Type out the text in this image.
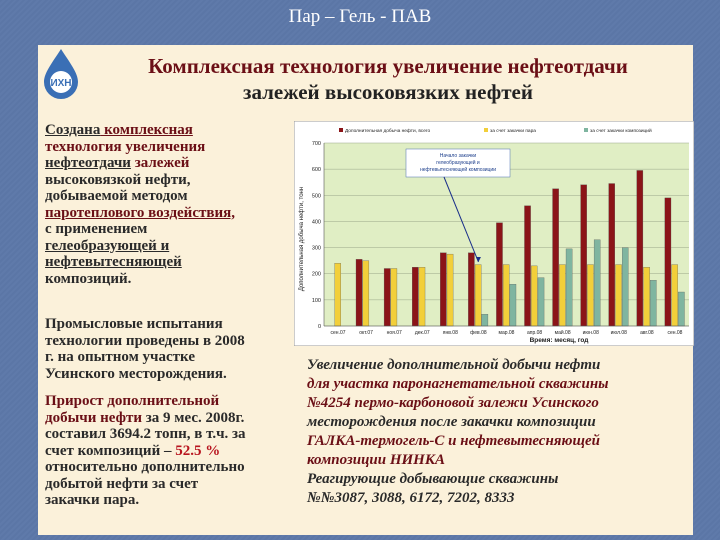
Пар – Гель - ПАВ
ИХН
Комплексная технология увеличение нефтеотдачи
залежей высоковязких нефтей
Создана комплексная
технология увеличения
нефтеотдачи залежей
высоковязкой нефти,
добываемой методом
паротеплового воздействия,
с применением
гелеобразующей и
нефтевытесняющей
композиций.
Промысловые испытания
технологии проведены в 2008
г. на опытном участке
Усинского месторождения.
Прирост дополнительной
добычи нефти за 9 мес. 2008г.
составил 3694.2 топн, в т.ч. за
счет композиций – 52.5 %
относительно дополнительно
добытой нефти за счет
закачки пара.
0
100
200
300
400
500
600
700
сен.07	окт.07	ноя.07	дек.07	янв.08 фев.08 мар.08 апр.08 май.08 июн.08 июл.08	авг.08	сен.08
Дополнительная добыча нефти, всего	за счет закачки пара	за счет закачки композиций
Начало закачки
гелеобразующей и
нефтевытесняющей композиции
Дополнительная добыча нефти, тонн
Время: месяц, год
Увеличение дополнительной добычи нефти
для участка паронагнетательной скважины
№4254 пермо-карбоновой залежи Усинского
месторождения после закачки композиции
ГАЛКА-термогель-С и нефтевытесняющей
композиции НИНКА
Реагирующие добывающие скважины
№№3087, 3088, 6172, 7202, 8333
